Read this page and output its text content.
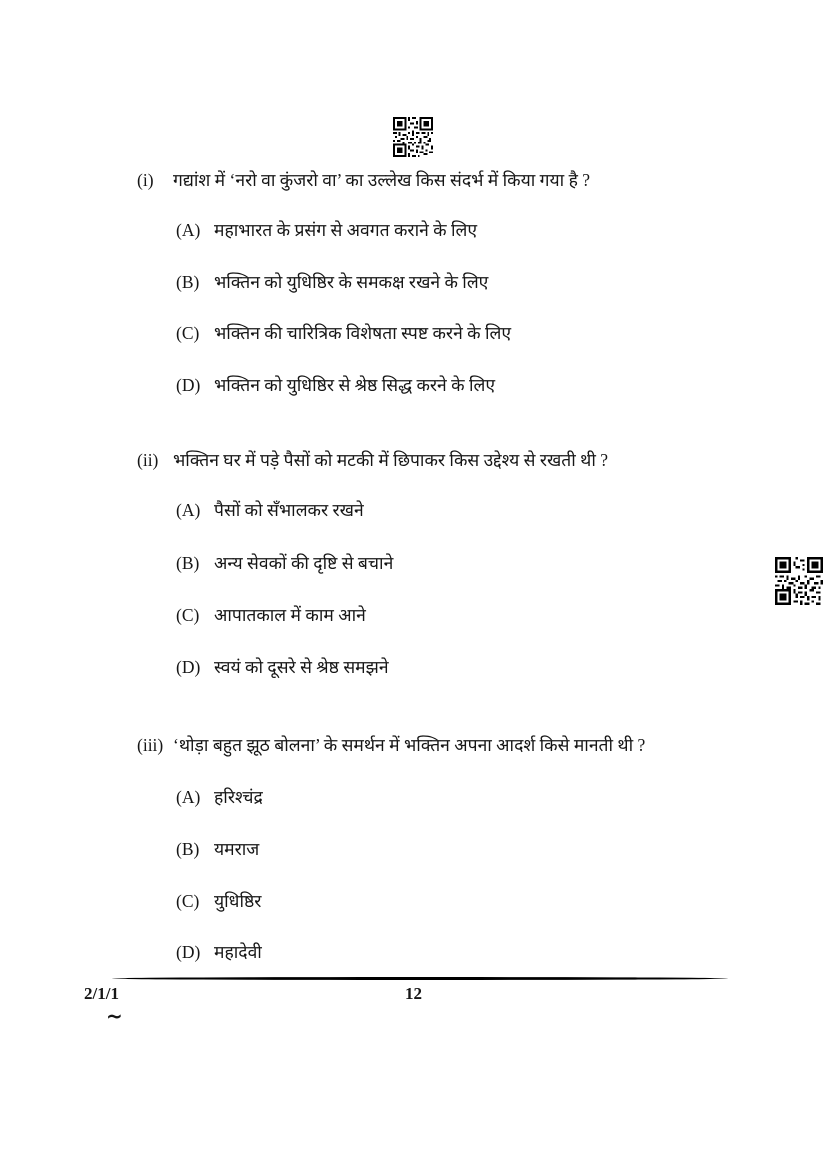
(i)	गद्यांश में ‘नरो वा कुंजरो वा’ का उल्लेख किस संदर्भ में किया गया है ?
(A) महाभारत के प्रसंग से अवगत कराने के लिए
(B) भक्तिन को युधिष्ठिर के समकक्ष रखने के लिए
(C) भक्तिन की चारित्रिक विशेषता स्पष्ट करने के लिए
(D) भक्तिन को युधिष्ठिर से श्रेष्ठ सिद्ध करने के लिए
(ii) भक्तिन घर में पड़े पैसों को मटकी में छिपाकर किस उद्देश्य से रखती थी ?
(A) पैसों को सँभालकर रखने
(B) अन्य सेवकों की दृष्टि से बचाने
(C) आपातकाल में काम आने
(D) स्वयं को दूसरे से श्रेष्ठ समझने
(iii) ‘थोड़ा बहुत झूठ बोलना’ के समर्थन में भक्तिन अपना आदर्श किसे मानती थी ?
(A) हरिश्चंद्र
(B) यमराज
(C) युधिष्ठिर
(D) महादेवी
2/1/1	12
~
